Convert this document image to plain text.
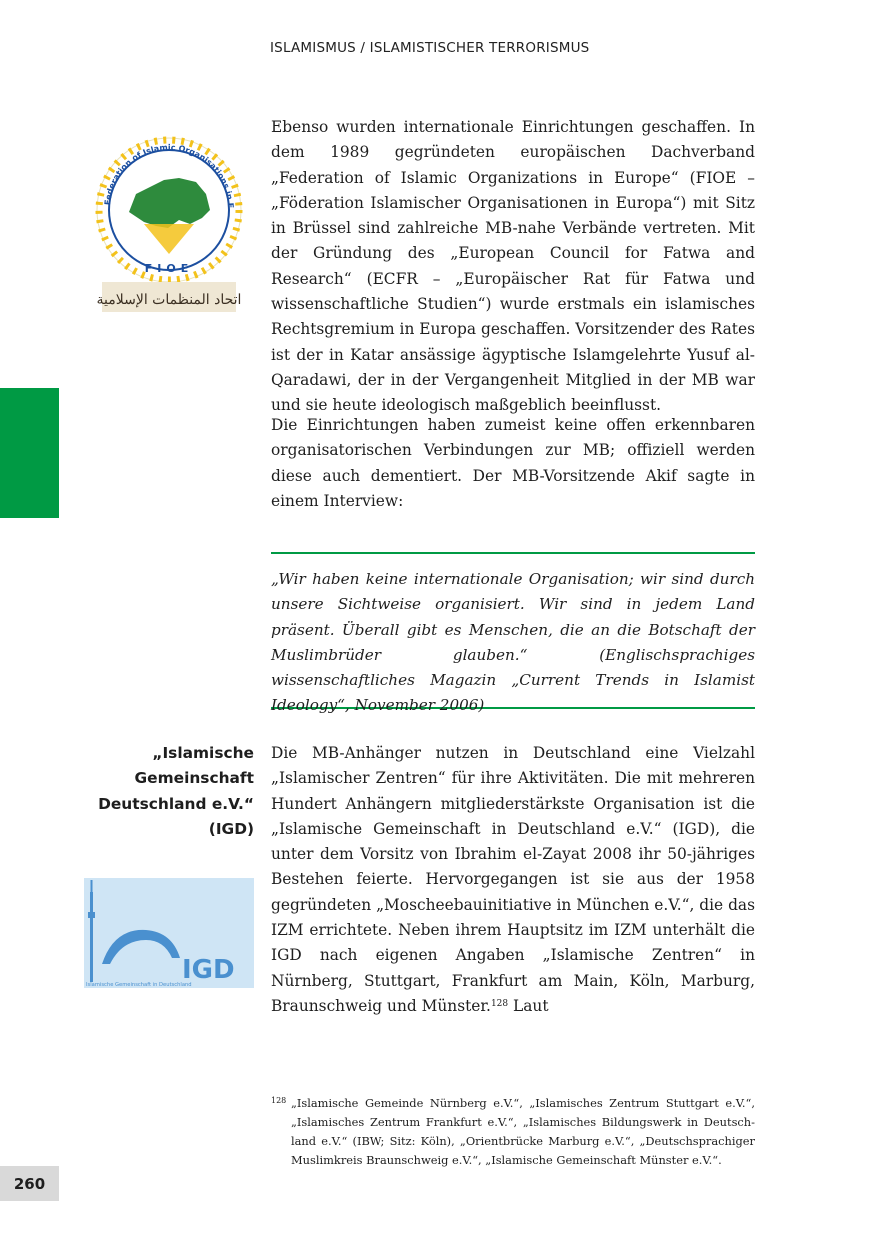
ISLAMISMUS / ISLAMISTISCHER TERRORISMUS
Federation of Islamic Organisations in E
FIOE
اتحاد المنظمات الإسلامية

Ebenso wurden internationale Einrichtungen geschaffen. In dem 1989 gegründeten europäischen Dachverband „Federation of Islamic Organizations in Europe“ (FIOE – „Föderation Islamischer Organisationen in Europa“) mit Sitz in Brüssel sind zahlreiche MB-nahe Verbände vertreten. Mit der Gründung des „European Council for Fatwa and Research“ (ECFR – „Europäischer Rat für Fatwa und wissenschaftliche Studien“) wurde erstmals ein islamisches Rechtsgremium in Europa geschaffen. Vorsitzender des Rates ist der in Katar ansässige ägyptische Islamgelehrte Yusuf al-Qaradawi, der in der Vergangenheit Mitglied in der MB war und sie heute ideologisch maßgeblich beeinflusst.

Die Einrichtungen haben zumeist keine offen erkennbaren organisatorischen Verbindungen zur MB; offiziell werden diese auch dementiert. Der MB-Vorsitzende Akif sagte in einem Interview:

„Wir haben keine internationale Organisation; wir sind durch unsere Sichtweise organisiert. Wir sind in jedem Land präsent. Überall gibt es Menschen, die an die Botschaft der Muslimbrüder glauben.“ (Englischsprachiges wissenschaftliches Magazin „Current Trends in Islamist Ideology“, November 2006)

„Islamische
Gemeinschaft
Deutschland e.V.“
(IGD)

Die MB-Anhänger nutzen in Deutschland eine Vielzahl „Islamischer Zentren“ für ihre Aktivitäten. Die mit mehreren Hundert Anhängern mitgliederstärkste Organisation ist die „Islamische Gemeinschaft in Deutschland e.V.“ (IGD), die unter dem Vorsitz von Ibrahim el-Zayat 2008 ihr 50-jähriges Bestehen feierte. Hervorgegangen ist sie aus der 1958 gegründeten „Moscheebauinitiative in München e.V.“, die das IZM errichtete. Neben ihrem Hauptsitz im IZM unterhält die IGD nach eigenen Angaben „Islamische Zentren“ in Nürnberg, Stuttgart, Frankfurt am Main, Köln, Marburg, Braunschweig und Münster.$^{128}$ Laut

IGD
Islamische Gemeinschaft in Deutschland
128 „Islamische Gemeinde Nürnberg e.V.“, „Islamisches Zentrum Stuttgart e.V.“, „Islamisches Zentrum Frankfurt e.V.“, „Islamisches Bildungswerk in Deutschland e.V.“ (IBW; Sitz: Köln), „Orientbrücke Marburg e.V.“, „Deutschsprachiger Muslimkreis Braunschweig e.V.“, „Islamische Gemeinschaft Münster e.V.“.
260
